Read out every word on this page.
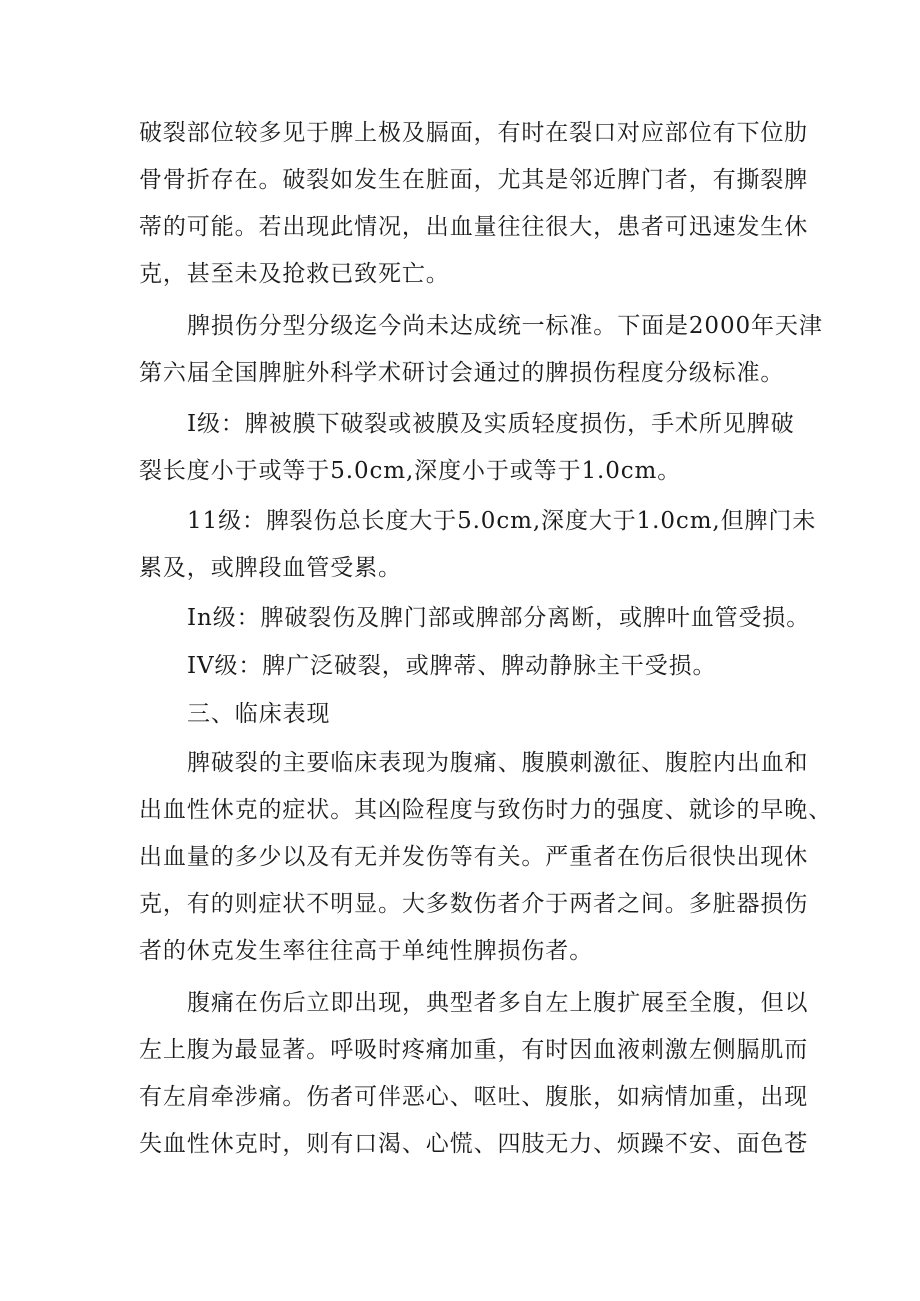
破裂部位较多见于脾上极及膈面，有时在裂口对应部位有下位肋
骨骨折存在。破裂如发生在脏面，尤其是邻近脾门者，有撕裂脾
蒂的可能。若出现此情况，出血量往往很大，患者可迅速发生休
克，甚至未及抢救已致死亡。
脾损伤分型分级迄今尚未达成统一标准。下面是2000年天津
第六届全国脾脏外科学术研讨会通过的脾损伤程度分级标准。
I级：脾被膜下破裂或被膜及实质轻度损伤，手术所见脾破
裂长度小于或等于5.0cm,深度小于或等于1.0cm。
11级：脾裂伤总长度大于5.0cm,深度大于1.0cm,但脾门未
累及，或脾段血管受累。
In级：脾破裂伤及脾门部或脾部分离断，或脾叶血管受损。
IV级：脾广泛破裂，或脾蒂、脾动静脉主干受损。
三、临床表现
脾破裂的主要临床表现为腹痛、腹膜刺激征、腹腔内出血和
出血性休克的症状。其凶险程度与致伤时力的强度、就诊的早晚、
出血量的多少以及有无并发伤等有关。严重者在伤后很快出现休
克，有的则症状不明显。大多数伤者介于两者之间。多脏器损伤
者的休克发生率往往高于单纯性脾损伤者。
腹痛在伤后立即出现，典型者多自左上腹扩展至全腹，但以
左上腹为最显著。呼吸时疼痛加重，有时因血液刺激左侧膈肌而
有左肩牵涉痛。伤者可伴恶心、呕吐、腹胀，如病情加重，出现
失血性休克时，则有口渴、心慌、四肢无力、烦躁不安、面色苍
